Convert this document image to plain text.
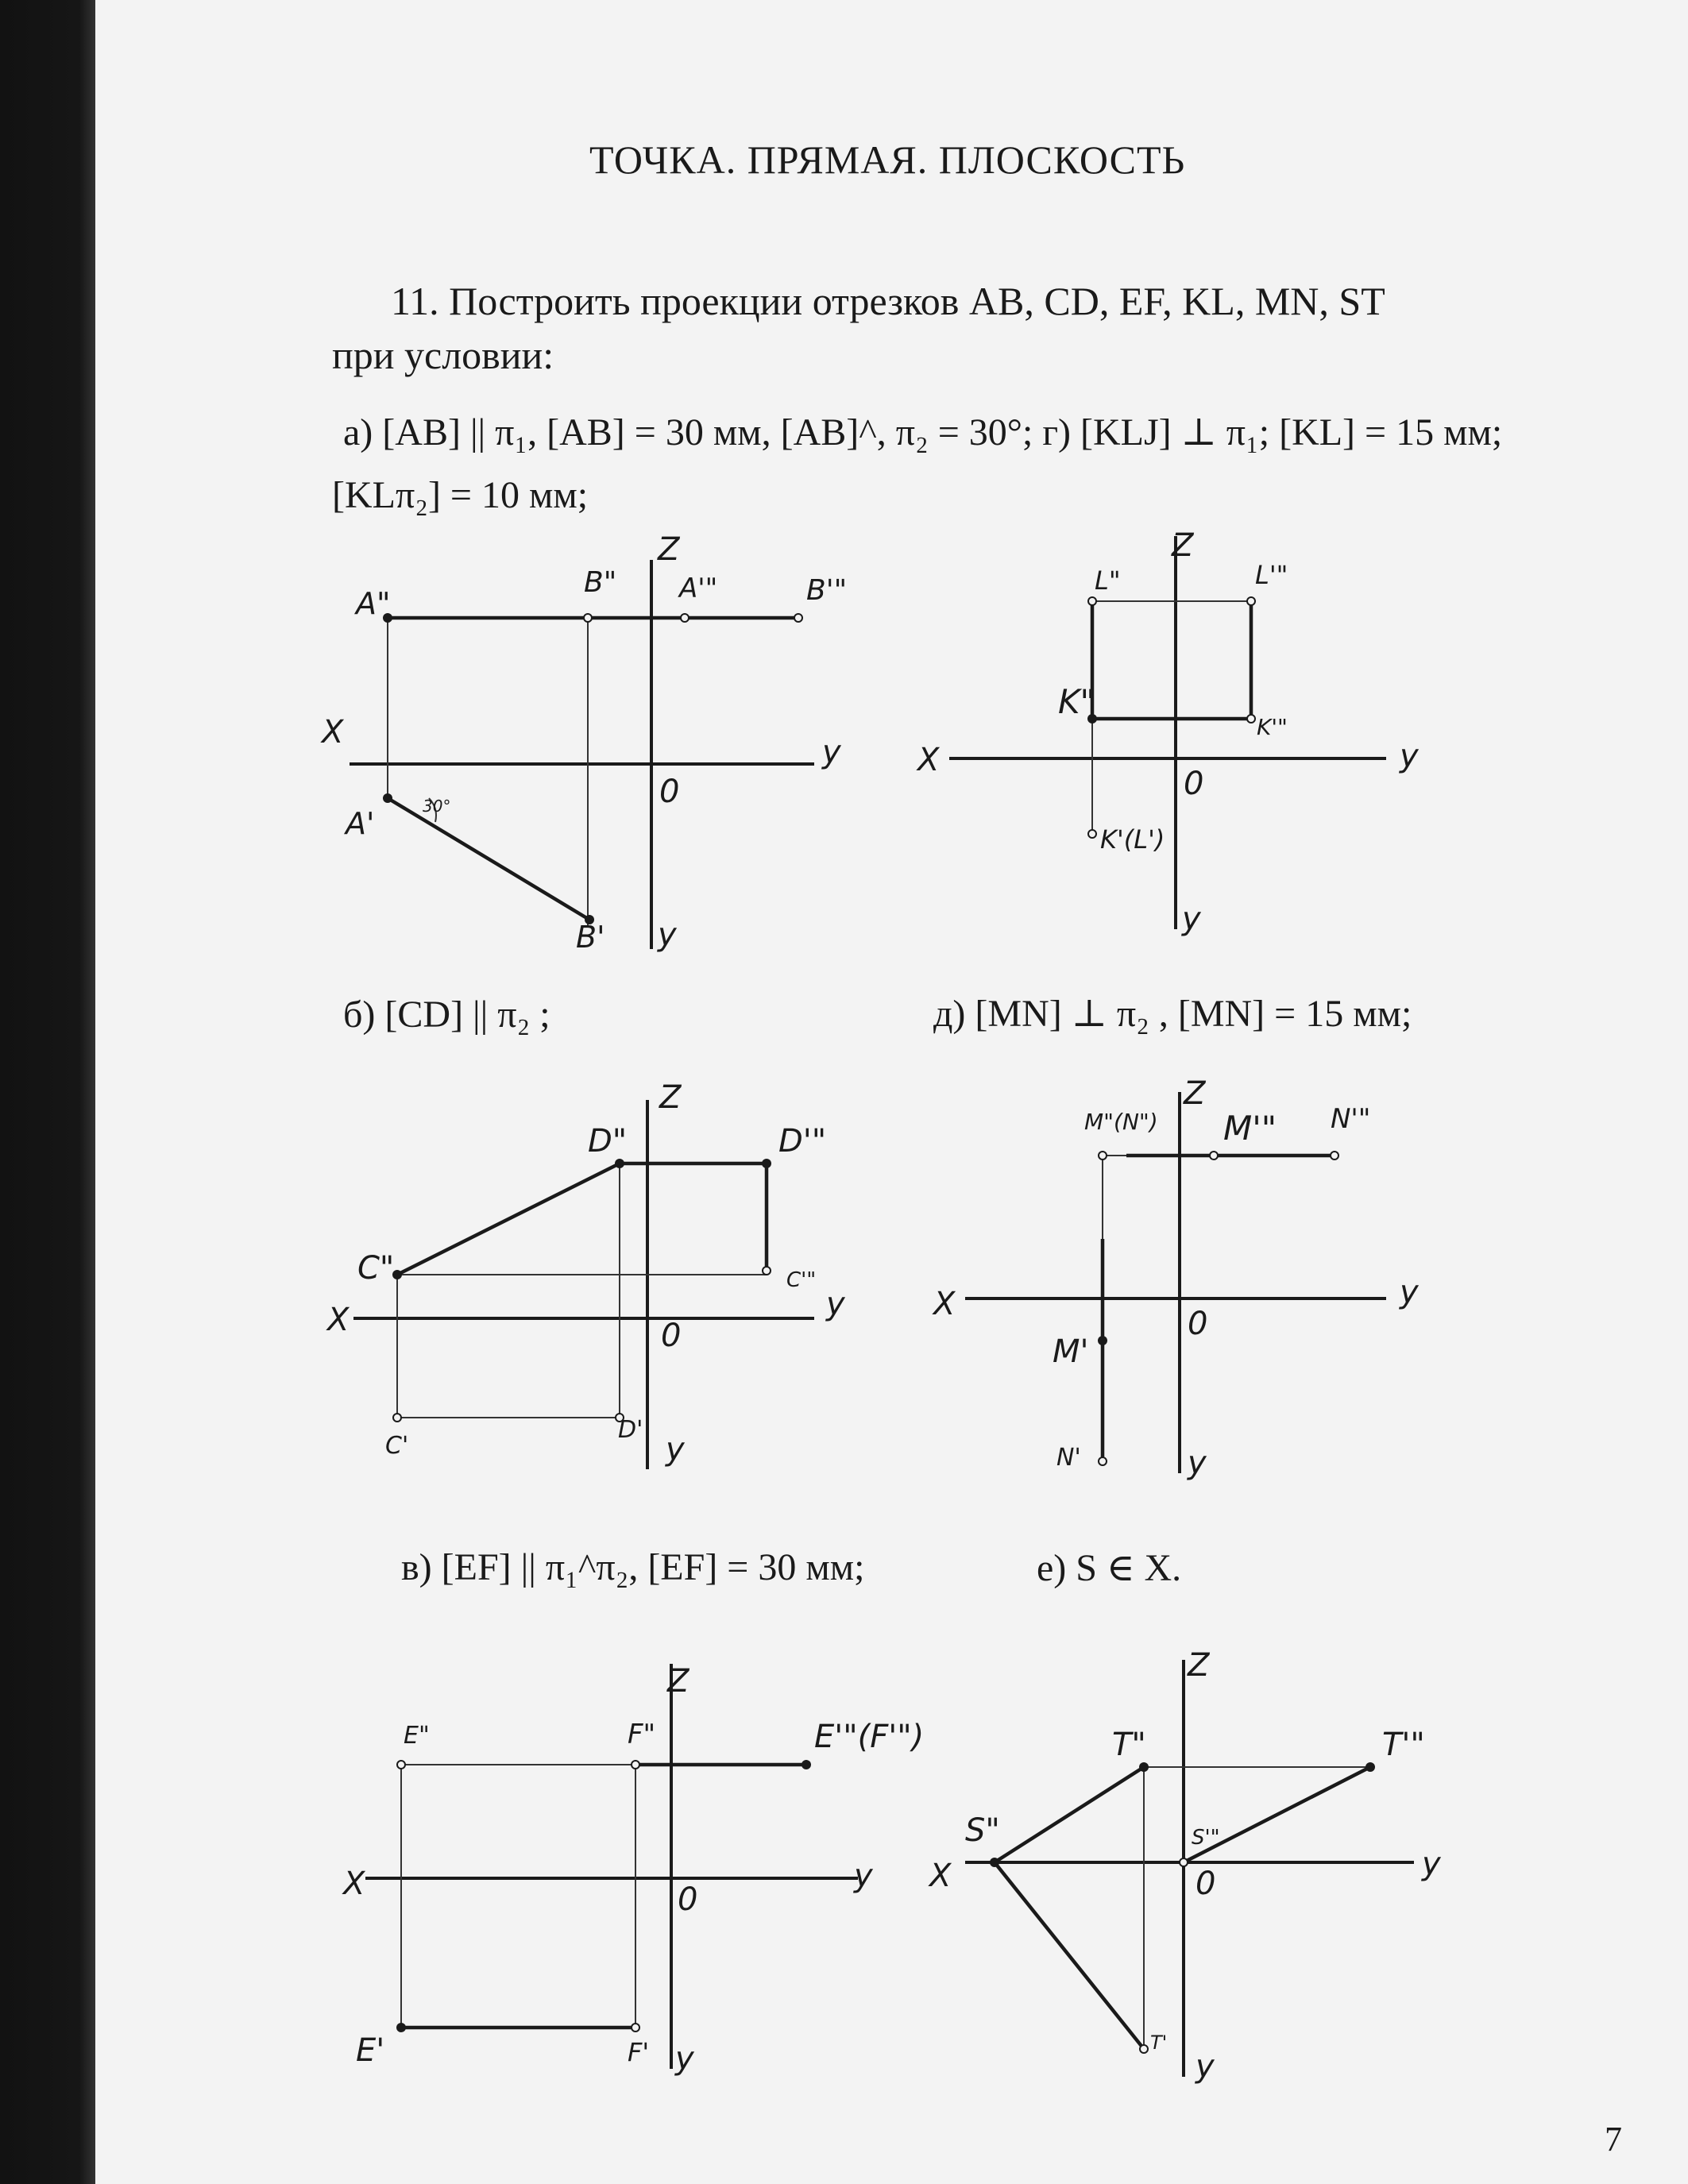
ТОЧКА. ПРЯМАЯ. ПЛОСКОСТЬ
11. Построить проекции отрезков AB, CD, EF, KL, MN, ST
при условии:
а) [AB] || π₁, [AB] = 30 мм, [AB]^, π₂ = 30°; г) [KLJ] ⊥ π₁; [KL] = 15 мм;
[KLπ₂] = 10 мм;
б) [CD] || π₂ ;	д) [MN] ⊥ π₂ , [MN] = 15 мм;
в) [EF] || π₁^π₂, [EF] = 30 мм;	е) S ∈ X.
7
X
y
Z
0
y
A"
B" A'"	B'"
A'
B'
30°
X	y
Z
0
y
L"	L'"
K"
K'"
K'(L')
X	y
Z
0
y
C"
D"	D'"
C'"
C'
D'
X	y
Z
0
y
M"(N") M'" N'"
M'
N'
X	y
Z
0
y
E"	F"	E'"(F'")
E'	F'
X	y
Z
0
y
S"
T"	T'"
S'"
T'
